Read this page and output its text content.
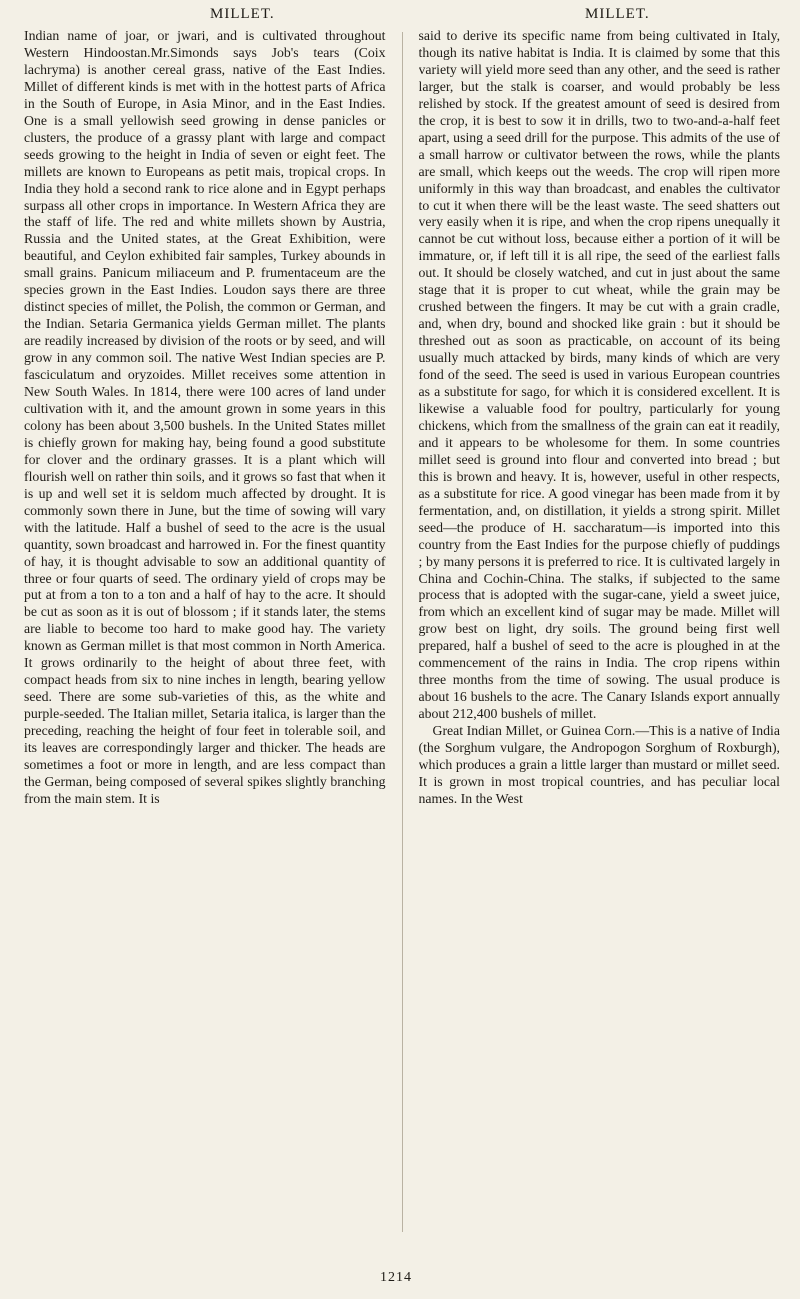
MILLET.	MILLET.

Indian name of joar, or jwari, and is cultivated throughout Western Hindoostan.Mr.Simonds says Job's tears (Coix lachryma) is another cereal grass, native of the East Indies. Millet of different kinds is met with in the hottest parts of Africa in the South of Europe, in Asia Minor, and in the East Indies. One is a small yellowish seed growing in dense panicles or clusters, the produce of a grassy plant with large and compact seeds growing to the height in India of seven or eight feet. The millets are known to Europeans as petit mais, tropical crops. In India they hold a second rank to rice alone and in Egypt perhaps surpass all other crops in importance. In Western Africa they are the staff of life. The red and white millets shown by Austria, Russia and the United states, at the Great Exhibition, were beautiful, and Ceylon exhibited fair samples, Turkey abounds in small grains. Panicum miliaceum and P. frumentaceum are the species grown in the East Indies. Loudon says there are three distinct species of millet, the Polish, the common or German, and the Indian. Setaria Germanica yields German millet. The plants are readily increased by division of the roots or by seed, and will grow in any common soil. The native West Indian species are P. fasciculatum and oryzoides. Millet receives some attention in New South Wales. In 1814, there were 100 acres of land under cultivation with it, and the amount grown in some years in this colony has been about 3,500 bushels. In the United States millet is chiefly grown for making hay, being found a good substitute for clover and the ordinary grasses. It is a plant which will flourish well on rather thin soils, and it grows so fast that when it is up and well set it is seldom much affected by drought. It is commonly sown there in June, but the time of sowing will vary with the latitude. Half a bushel of seed to the acre is the usual quantity, sown broadcast and harrowed in. For the finest quantity of hay, it is thought advisable to sow an additional quantity of three or four quarts of seed. The ordinary yield of crops may be put at from a ton to a ton and a half of hay to the acre. It should be cut as soon as it is out of blossom ; if it stands later, the stems are liable to become too hard to make good hay. The variety known as German millet is that most common in North America. It grows ordinarily to the height of about three feet, with compact heads from six to nine inches in length, bearing yellow seed. There are some sub-varieties of this, as the white and purple-seeded. The Italian millet, Setaria italica, is larger than the preceding, reaching the height of four feet in tolerable soil, and its leaves are correspondingly larger and thicker. The heads are sometimes a foot or more in length, and are less compact than the German, being composed of several spikes slightly branching from the main stem. It is

said to derive its specific name from being cultivated in Italy, though its native habitat is India. It is claimed by some that this variety will yield more seed than any other, and the seed is rather larger, but the stalk is coarser, and would probably be less relished by stock. If the greatest amount of seed is desired from the crop, it is best to sow it in drills, two to two-and-a-half feet apart, using a seed drill for the purpose. This admits of the use of a small harrow or cultivator between the rows, while the plants are small, which keeps out the weeds. The crop will ripen more uniformly in this way than broadcast, and enables the cultivator to cut it when there will be the least waste. The seed shatters out very easily when it is ripe, and when the crop ripens unequally it cannot be cut without loss, because either a portion of it will be immature, or, if left till it is all ripe, the seed of the earliest falls out. It should be closely watched, and cut in just about the same stage that it is proper to cut wheat, while the grain may be crushed between the fingers. It may be cut with a grain cradle, and, when dry, bound and shocked like grain : but it should be threshed out as soon as practicable, on account of its being usually much attacked by birds, many kinds of which are very fond of the seed. The seed is used in various European countries as a substitute for sago, for which it is considered excellent. It is likewise a valuable food for poultry, particularly for young chickens, which from the smallness of the grain can eat it readily, and it appears to be wholesome for them. In some countries millet seed is ground into flour and converted into bread ; but this is brown and heavy. It is, however, useful in other respects, as a substitute for rice. A good vinegar has been made from it by fermentation, and, on distillation, it yields a strong spirit. Millet seed—the produce of H. saccharatum—is imported into this country from the East Indies for the purpose chiefly of puddings ; by many persons it is preferred to rice. It is cultivated largely in China and Cochin-China. The stalks, if subjected to the same process that is adopted with the sugar-cane, yield a sweet juice, from which an excellent kind of sugar may be made. Millet will grow best on light, dry soils. The ground being first well prepared, half a bushel of seed to the acre is ploughed in at the commencement of the rains in India. The crop ripens within three months from the time of sowing. The usual produce is about 16 bushels to the acre. The Canary Islands export annually about 212,400 bushels of millet.

Great Indian Millet, or Guinea Corn.—This is a native of India (the Sorghum vulgare, the Andropogon Sorghum of Roxburgh), which produces a grain a little larger than mustard or millet seed. It is grown in most tropical countries, and has peculiar local names. In the West

1214
